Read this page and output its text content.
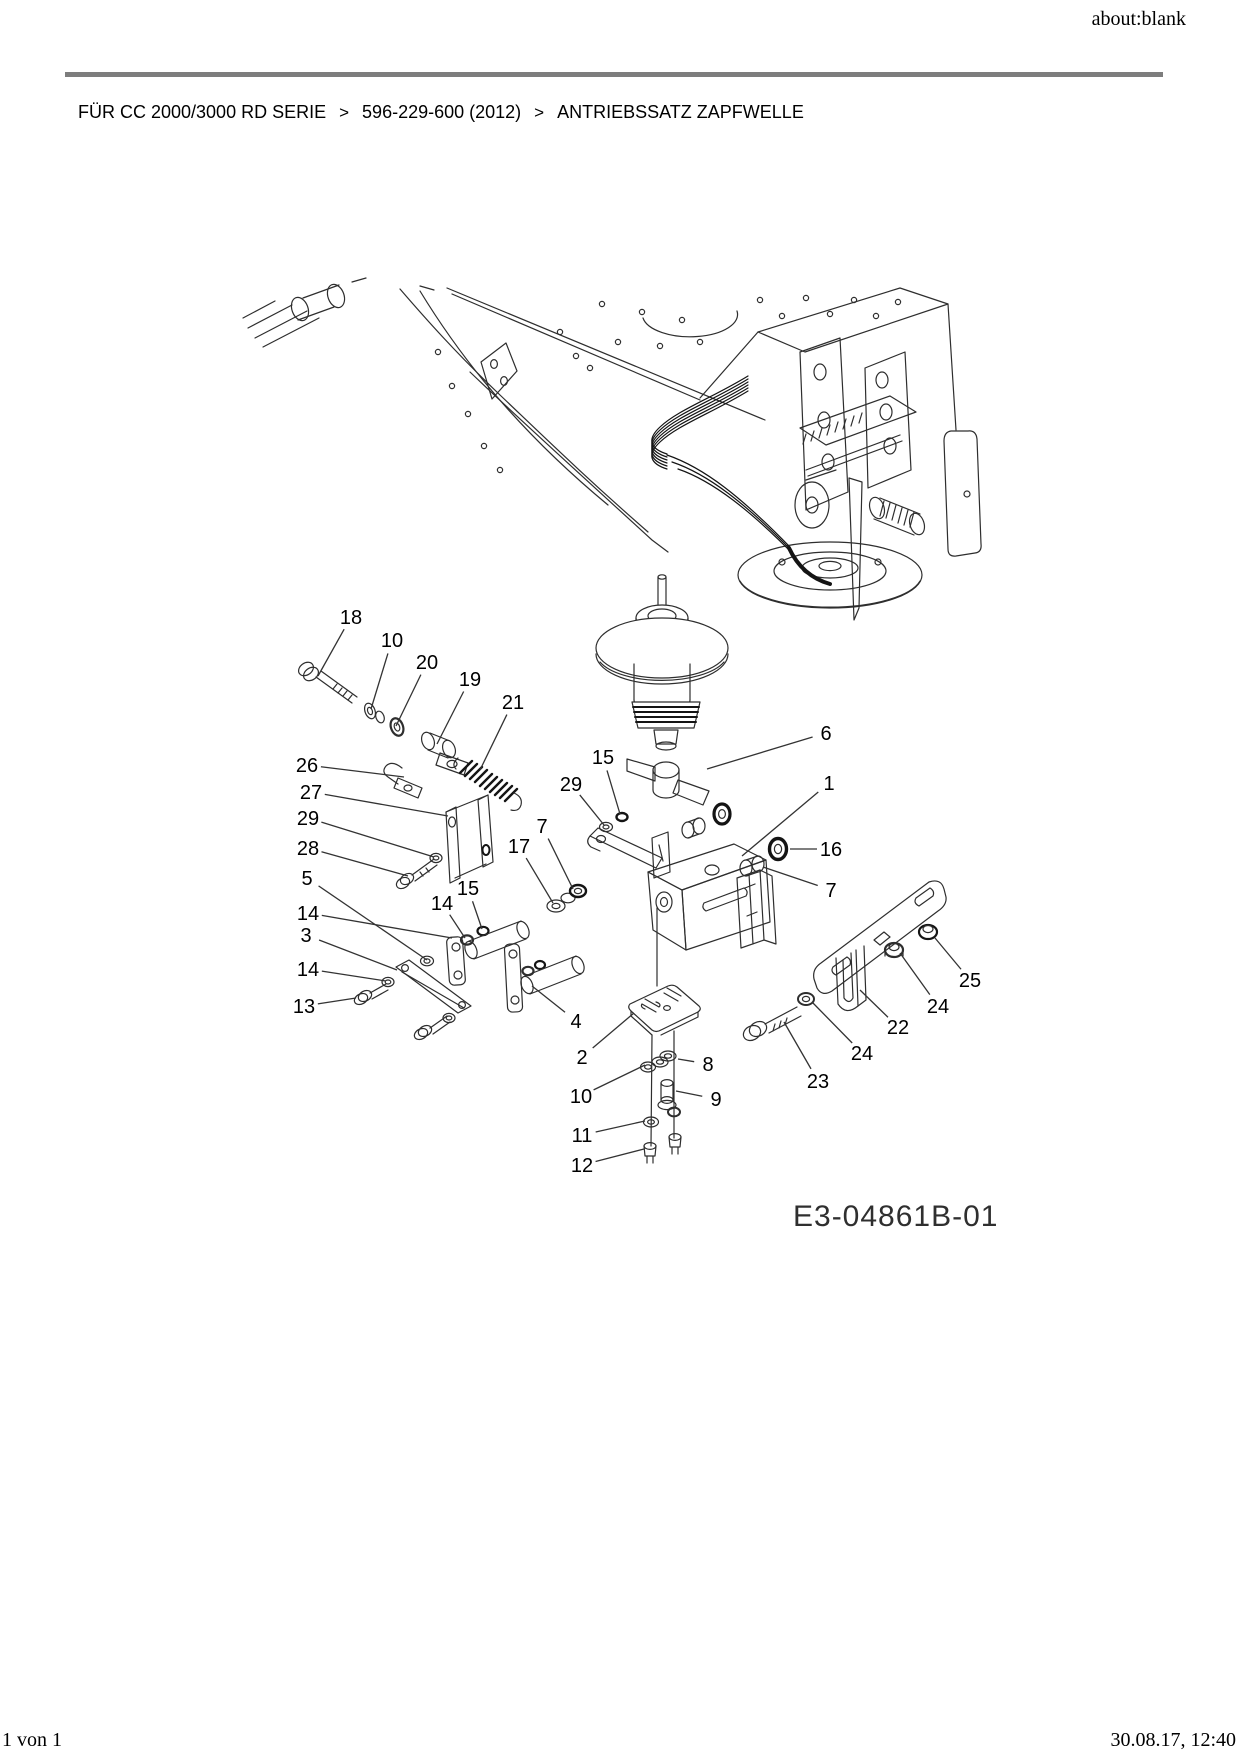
about:blank
FÜR CC 2000/3000 RD SERIE > 596-229-600 (2012) > ANTRIEBSSATZ ZAPFWELLE
18
10
20
19
21
26
27
29
28
5
14
3
14
13
15
14
17
7
29
15
6
1
16
7
25
24
22
24
23
4
2
10
8
9
11
12
E3-04861B-01
1 von 1	30.08.17, 12:40
